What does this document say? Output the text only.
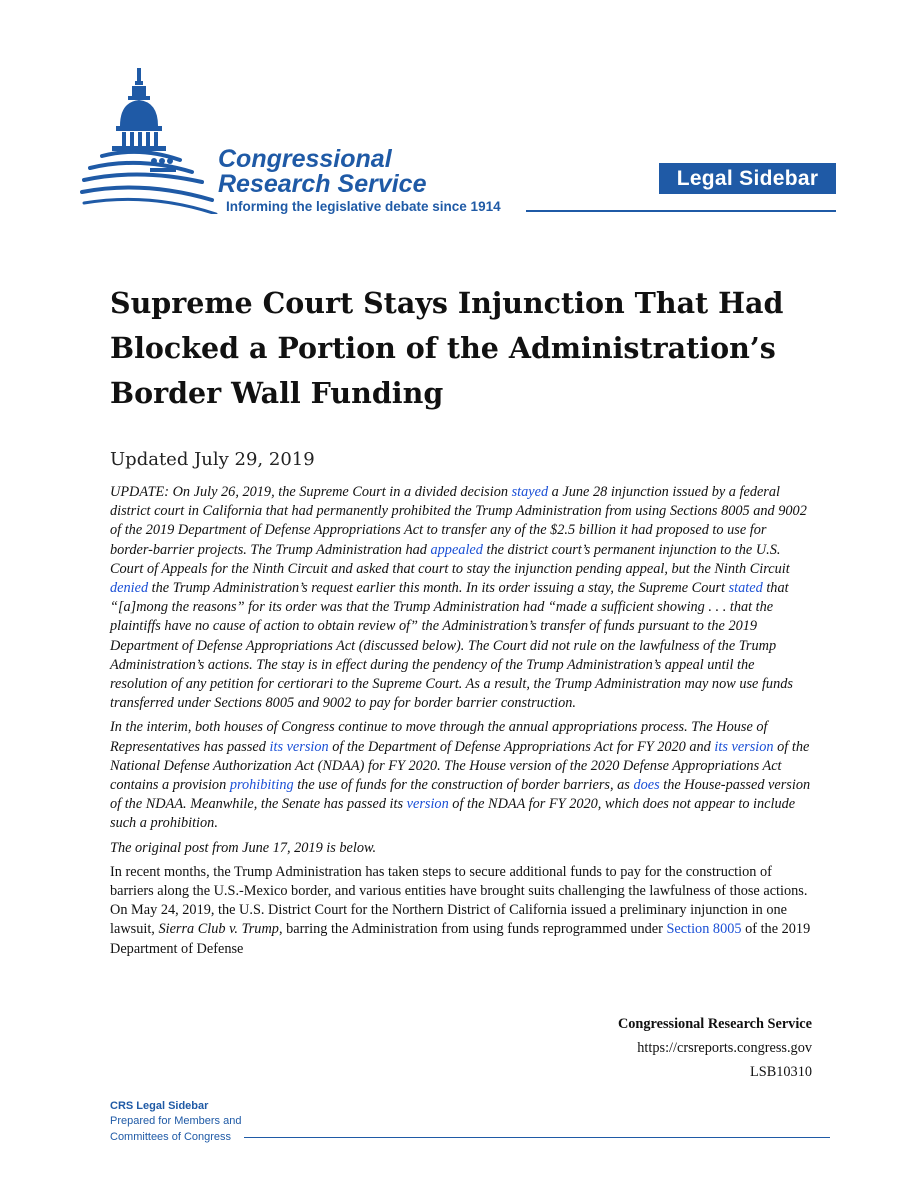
Congressional
Research Service
Informing the legislative debate since 1914
Legal Sidebar
Supreme Court Stays Injunction That Had
Blocked a Portion of the Administration’s
Border Wall Funding
Updated July 29, 2019

UPDATE: On July 26, 2019, the Supreme Court in a divided decision stayed a June 28 injunction issued by a federal district court in California that had permanently prohibited the Trump Administration from using Sections 8005 and 9002 of the 2019 Department of Defense Appropriations Act to transfer any of the $2.5 billion it had proposed to use for border-barrier projects. The Trump Administration had appealed the district court’s permanent injunction to the U.S. Court of Appeals for the Ninth Circuit and asked that court to stay the injunction pending appeal, but the Ninth Circuit denied the Trump Administration’s request earlier this month. In its order issuing a stay, the Supreme Court stated that “[a]mong the reasons” for its order was that the Trump Administration had “made a sufficient showing . . . that the plaintiffs have no cause of action to obtain review of” the Administration’s transfer of funds pursuant to the 2019 Department of Defense Appropriations Act (discussed below). The Court did not rule on the lawfulness of the Trump Administration’s actions. The stay is in effect during the pendency of the Trump Administration’s appeal until the resolution of any petition for certiorari to the Supreme Court. As a result, the Trump Administration may now use funds transferred under Sections 8005 and 9002 to pay for border barrier construction.

In the interim, both houses of Congress continue to move through the annual appropriations process. The House of Representatives has passed its version of the Department of Defense Appropriations Act for FY 2020 and its version of the National Defense Authorization Act (NDAA) for FY 2020. The House version of the 2020 Defense Appropriations Act contains a provision prohibiting the use of funds for the construction of border barriers, as does the House-passed version of the NDAA. Meanwhile, the Senate has passed its version of the NDAA for FY 2020, which does not appear to include such a prohibition.

The original post from June 17, 2019 is below.

In recent months, the Trump Administration has taken steps to secure additional funds to pay for the construction of barriers along the U.S.-Mexico border, and various entities have brought suits challenging the lawfulness of those actions. On May 24, 2019, the U.S. District Court for the Northern District of California issued a preliminary injunction in one lawsuit, Sierra Club v. Trump, barring the Administration from using funds reprogrammed under Section 8005 of the 2019 Department of Defense

Congressional Research Service
https://crsreports.congress.gov
LSB10310
CRS Legal Sidebar
Prepared for Members and
Committees of Congress
